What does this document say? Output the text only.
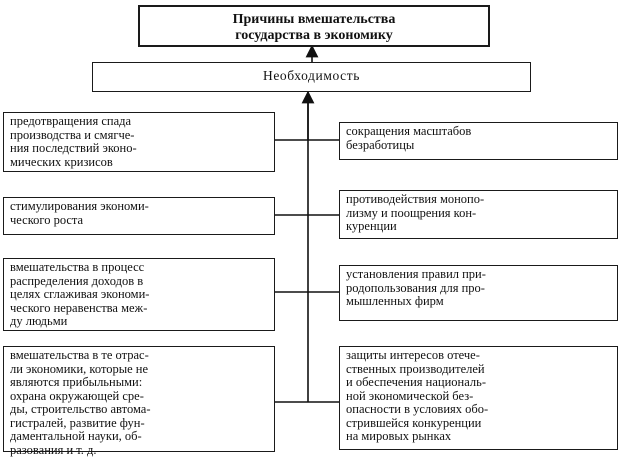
Причины вмешательства
государства в экономику
Необходимость
предотвращения спада
производства и смягче-
ния последствий эконо-
мических кризисов
стимулирования экономи-
ческого роста
вмешательства в процесс
распределения доходов в
целях сглаживая экономи-
ческого неравенства меж-
ду людьми
вмешательства в те отрас-
ли экономики, которые не
являются прибыльными:
охрана окружающей сре-
ды, строительство автома-
гистралей, развитие фун-
даментальной науки, об-
разования и т. д.
сокращения масштабов
безработицы
противодействия монопо-
лизму и поощрения кон-
куренции
установления правил при-
родопользования для про-
мышленных фирм
защиты интересов отече-
ственных производителей
и обеспечения националь-
ной экономической без-
опасности в условиях обо-
стрившейся конкуренции
на мировых рынках
